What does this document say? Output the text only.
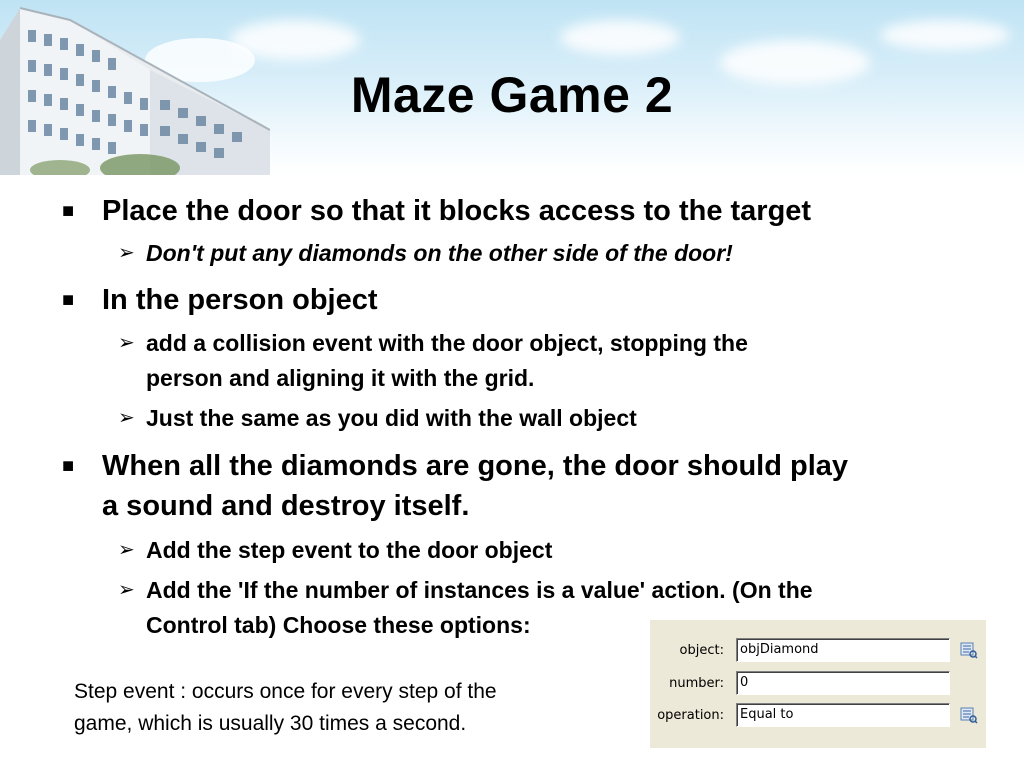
Maze Game 2
■ Place the door so that it blocks access to the target
➢ Don't put any diamonds on the other side of the door!
■ In the person object
➢ add a collision event with the door object, stopping the
person and aligning it with the grid.
➢ Just the same as you did with the wall object
■ When all the diamonds are gone, the door should play
a sound and destroy itself.
➢ Add the step event to the door object
➢ Add the 'If the number of instances is a value' action. (On the
Control tab) Choose these options:
Step event : occurs once for every step of the
game, which is usually 30 times a second.
object:	objDiamond
number:	0
operation:	Equal to
